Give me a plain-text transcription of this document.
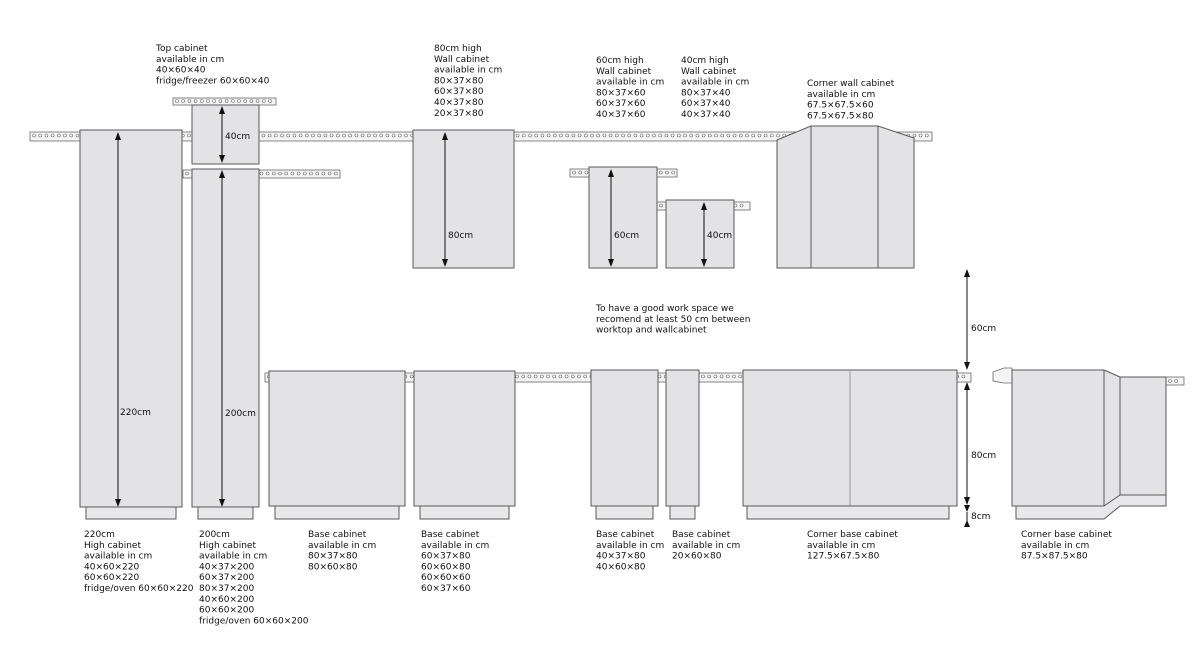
220cm
40cm
200cm
80cm	60cm	40cm
60cm
80cm
8cm
Top cabinet
available in cm
40×60×40
fridge/freezer 60×60×40
80cm high
Wall cabinet
available in cm
80×37×80
60×37×80
40×37×80
20×37×80
60cm high
Wall cabinet
available in cm
80×37×60
60×37×60
40×37×60
40cm high
Wall cabinet
available in cm
80×37×40
60×37×40
40×37×40
Corner wall cabinet
available in cm
67.5×67.5×60
67.5×67.5×80
To have a good work space we
recomend at least 50 cm between
worktop and wallcabinet
220cm
High cabinet
available in cm
40×60×220
60×60×220
fridge/oven 60×60×220
200cm
High cabinet
available in cm
40×37×200
60×37×200
80×37×200
40×60×200
60×60×200
fridge/oven 60×60×200
Base cabinet
available in cm
80×37×80
80×60×80
Base cabinet
available in cm
60×37×80
60×60×80
60×60×60
60×37×60
Base cabinet
available in cm
40×37×80
40×60×80
Base cabinet
available in cm
20×60×80
Corner base cabinet
available in cm
127.5×67.5×80
Corner base cabinet
available in cm
87.5×87.5×80
